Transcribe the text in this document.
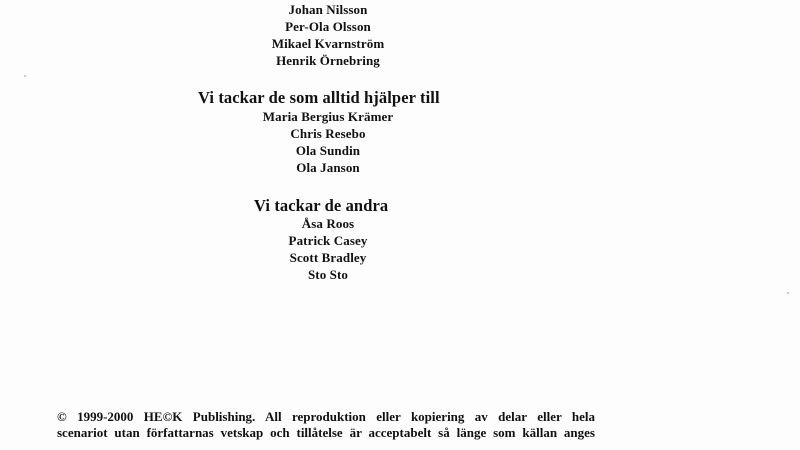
Johan Nilsson
Per-Ola Olsson
Mikael Kvarnström
Henrik Örnebring
Vi tackar de som alltid hjälper till
Maria Bergius Krämer
Chris Resebo
Ola Sundin
Ola Janson
Vi tackar de andra
Åsa Roos
Patrick Casey
Scott Bradley
Sto Sto
© 1999-2000 HE©K Publishing. All reproduktion eller kopiering av delar eller hela
scenariot utan författarnas vetskap och tillåtelse är acceptabelt så länge som källan anges
